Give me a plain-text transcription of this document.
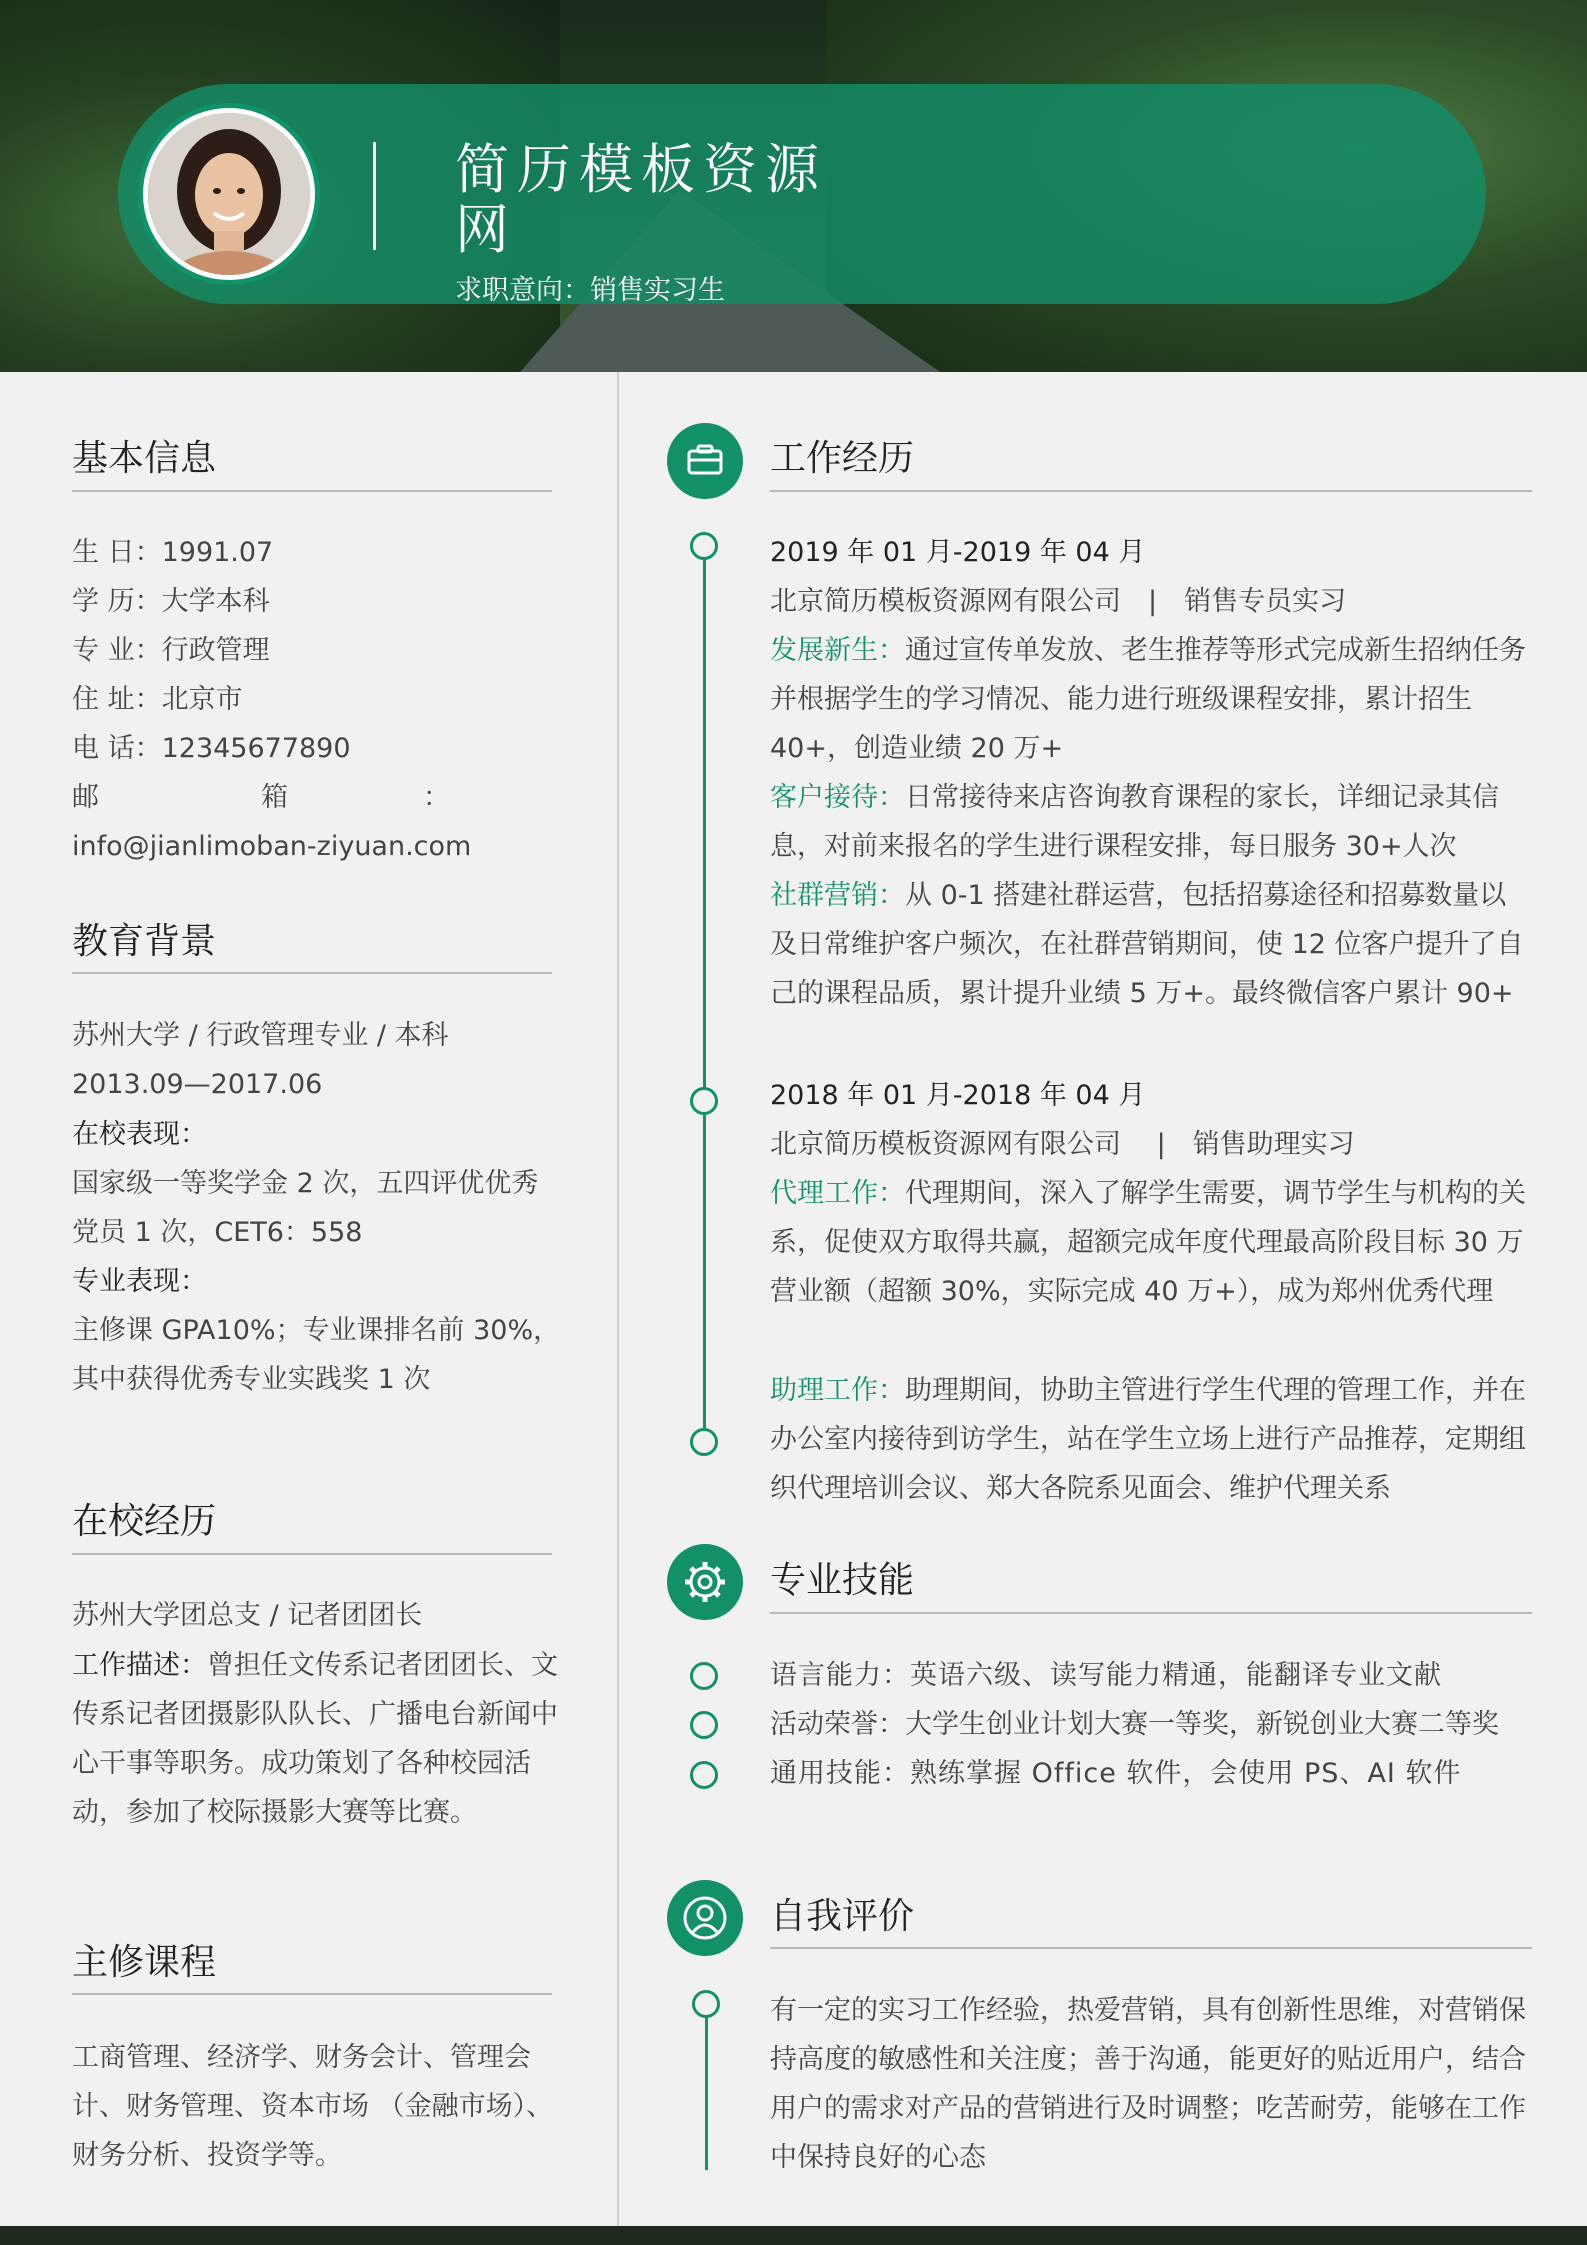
简历模板资源网
求职意向：销售实习生
基本信息
生 日：1991.07
学 历：大学本科
专 业：行政管理
住 址：北京市
电 话：12345677890
邮　　　　　　箱　　　　　：
info@jianlimoban-ziyuan.com
教育背景
苏州大学 / 行政管理专业 / 本科
2013.09—2017.06
在校表现：
国家级一等奖学金 2 次，五四评优优秀党员 1 次，CET6：558
专业表现：
主修课 GPA10%；专业课排名前 30%，其中获得优秀专业实践奖 1 次
在校经历
苏州大学团总支 / 记者团团长
工作描述：曾担任文传系记者团团长、文传系记者团摄影队队长、广播电台新闻中心干事等职务。成功策划了各种校园活动，参加了校际摄影大赛等比赛。
主修课程
工商管理、经济学、财务会计、管理会计、财务管理、资本市场 （金融市场）、财务分析、投资学等。
工作经历
2019 年 01 月-2019 年 04 月
北京简历模板资源网有限公司　|　销售专员实习
发展新生：通过宣传单发放、老生推荐等形式完成新生招纳任务并根据学生的学习情况、能力进行班级课程安排，累计招生 40+，创造业绩 20 万+
客户接待：日常接待来店咨询教育课程的家长，详细记录其信息，对前来报名的学生进行课程安排，每日服务 30+人次
社群营销：从 0-1 搭建社群运营，包括招募途径和招募数量以及日常维护客户频次，在社群营销期间，使 12 位客户提升了自己的课程品质，累计提升业绩 5 万+。最终微信客户累计 90+
2018 年 01 月-2018 年 04 月
北京简历模板资源网有限公司　 |　销售助理实习
代理工作：代理期间，深入了解学生需要，调节学生与机构的关系，促使双方取得共赢，超额完成年度代理最高阶段目标 30 万营业额（超额 30%，实际完成 40 万+），成为郑州优秀代理
助理工作：助理期间，协助主管进行学生代理的管理工作，并在办公室内接待到访学生，站在学生立场上进行产品推荐，定期组织代理培训会议、郑大各院系见面会、维护代理关系
专业技能
语言能力：英语六级、读写能力精通，能翻译专业文献
活动荣誉：大学生创业计划大赛一等奖，新锐创业大赛二等奖
通用技能：熟练掌握 Office 软件，会使用 PS、AI 软件
自我评价
有一定的实习工作经验，热爱营销，具有创新性思维，对营销保持高度的敏感性和关注度；善于沟通，能更好的贴近用户，结合用户的需求对产品的营销进行及时调整；吃苦耐劳，能够在工作中保持良好的心态
